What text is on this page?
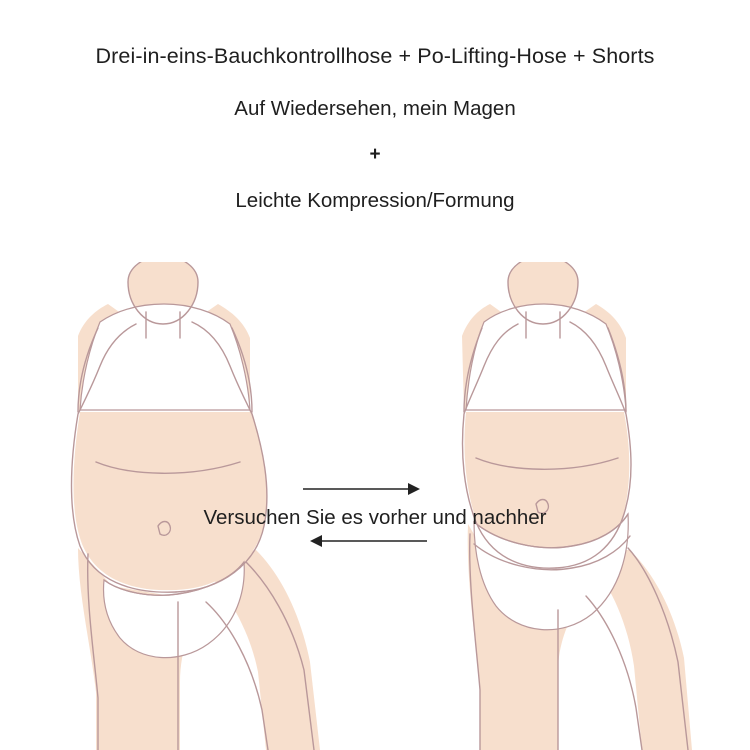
Drei-in-eins-Bauchkontrollhose + Po-Lifting-Hose + Shorts
Auf Wiedersehen, mein Magen
+
Leichte Kompression/Formung
Versuchen Sie es vorher und nachher
